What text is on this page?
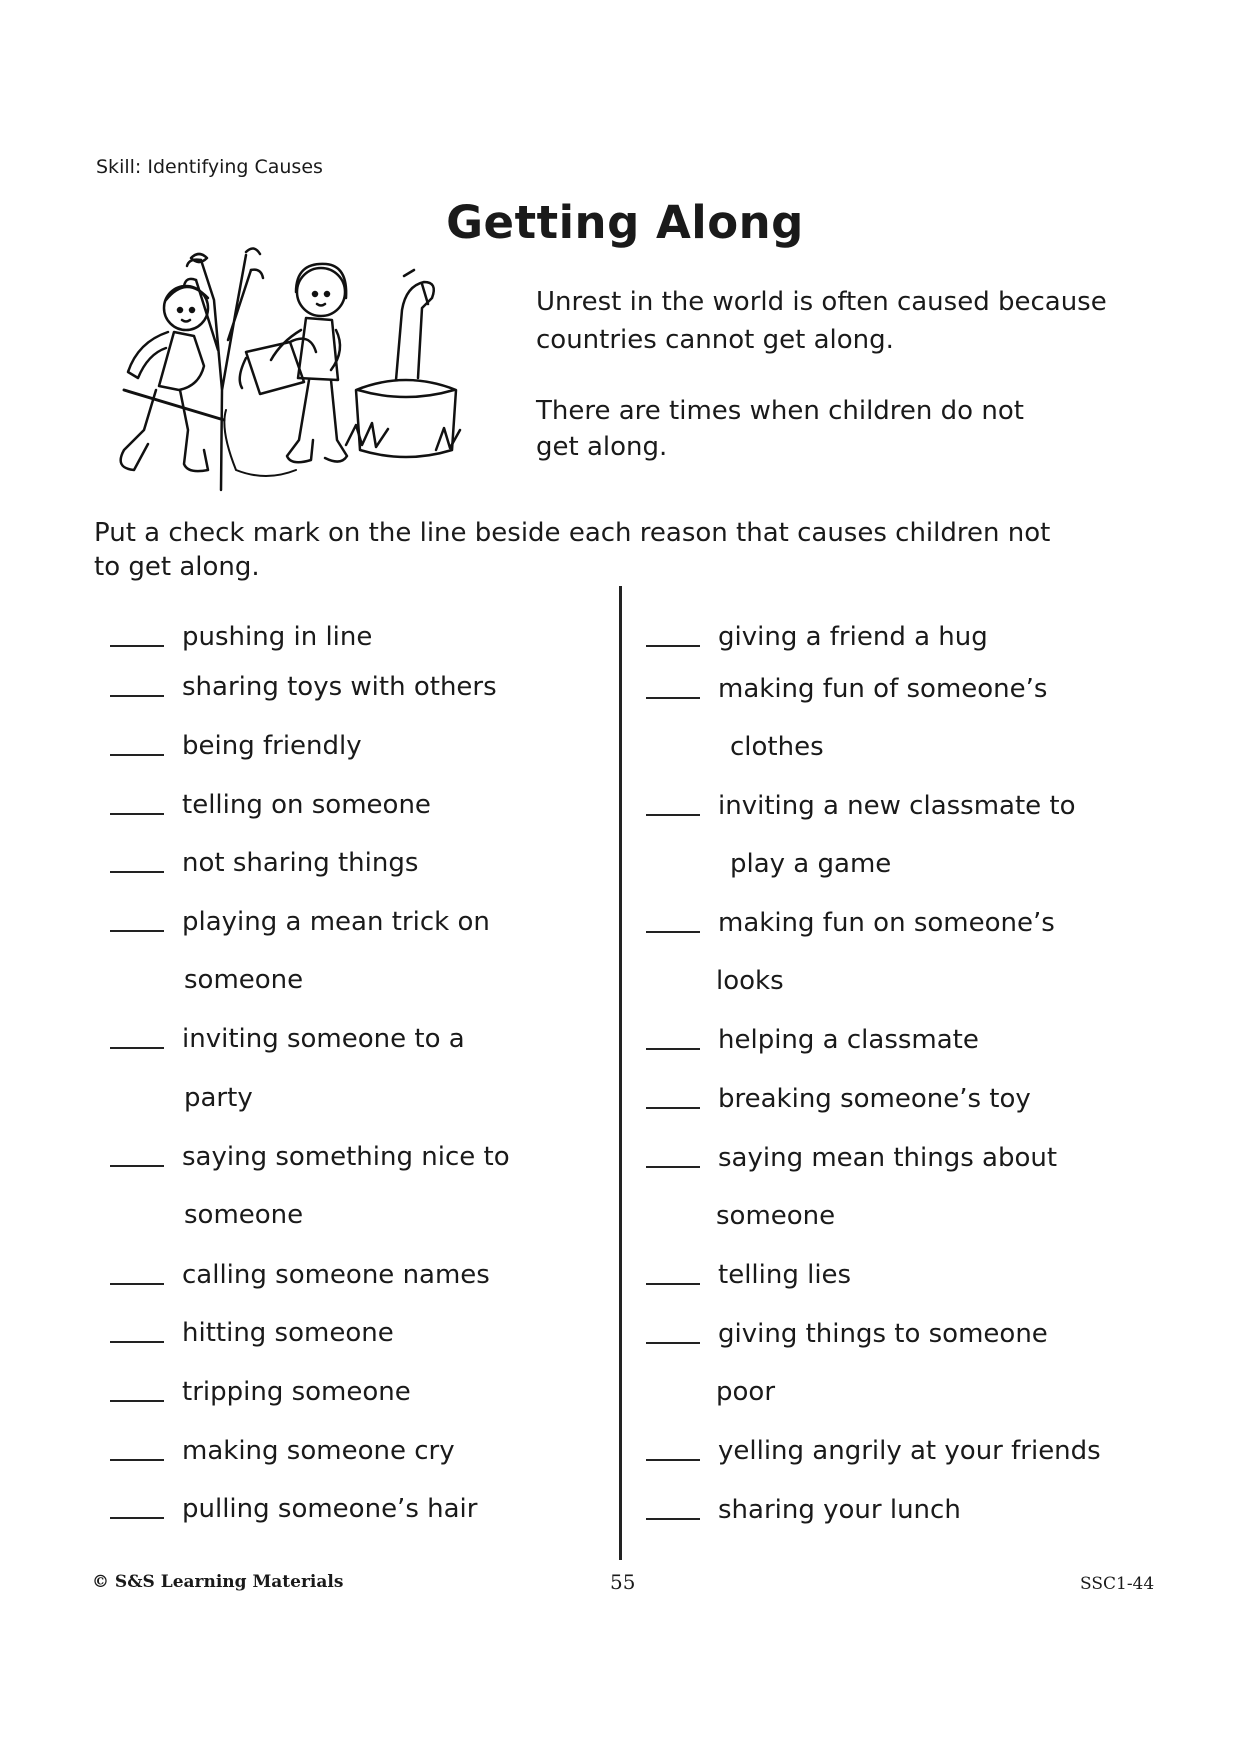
Skill: Identifying Causes
Getting Along
Unrest in the world is often caused because
countries cannot get along.
There are times when children do not
get along.
Put a check mark on the line beside each reason that causes children not
to get along.
pushing in line
sharing toys with others
being friendly
telling on someone
not sharing things
playing a mean trick on
someone
inviting someone to a
party
saying something nice to
someone
calling someone names
hitting someone
tripping someone
making someone cry
pulling someone’s hair
giving a friend a hug
making fun of someone’s
clothes
inviting a new classmate to
play a game
making fun on someone’s
looks
helping a classmate
breaking someone’s toy
saying mean things about
someone
telling lies
giving things to someone
poor
yelling angrily at your friends
sharing your lunch
© S&S Learning Materials	55	SSC1-44
